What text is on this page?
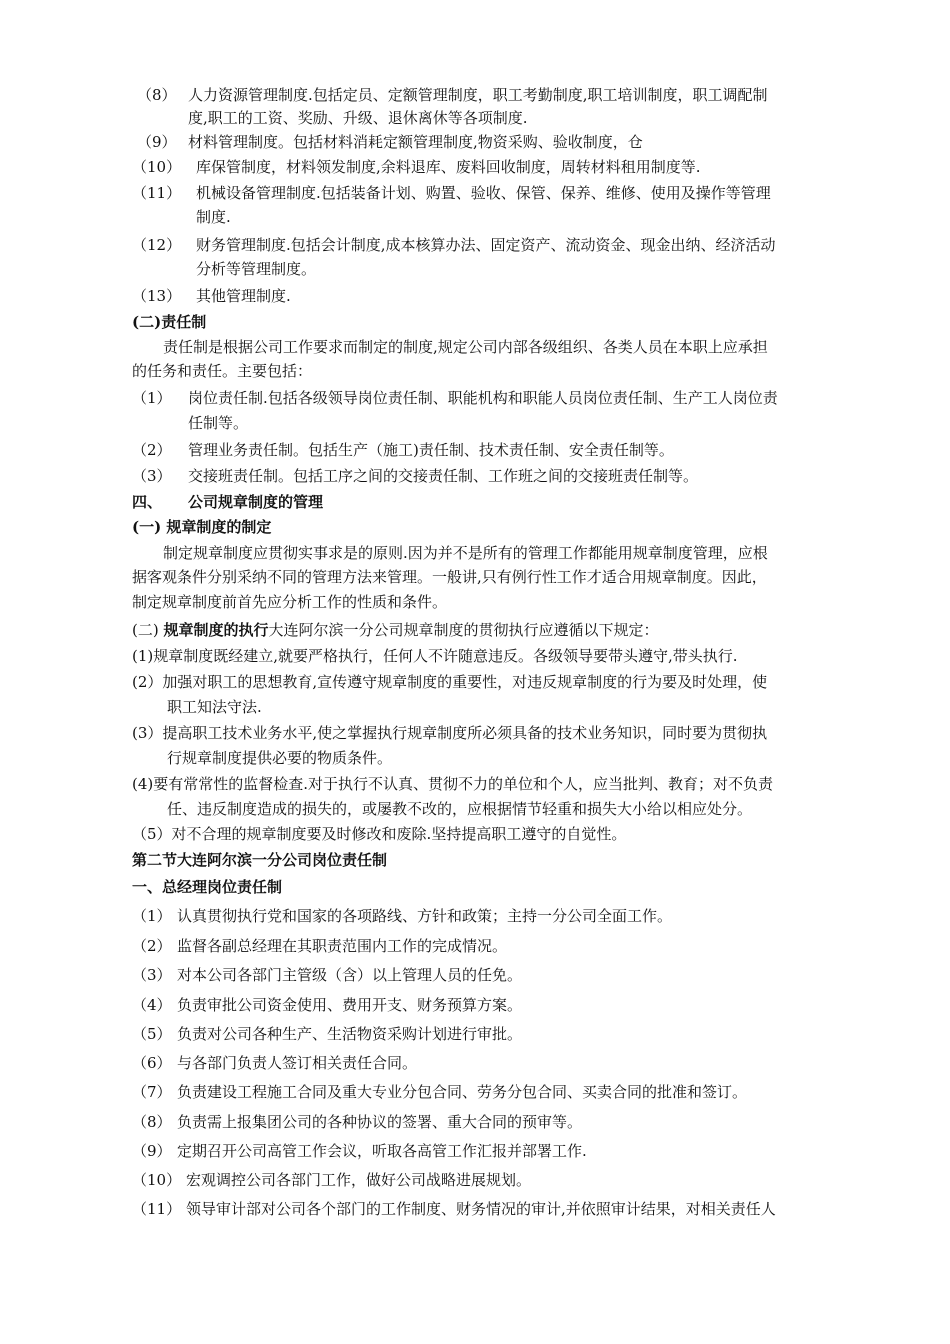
（8） 人力资源管理制度.包括定员、定额管理制度，职工考勤制度,职工培训制度，职工调配制
度,职工的工资、奖励、升级、退休离休等各项制度.
（9） 材料管理制度。包括材料消耗定额管理制度,物资采购、验收制度，仓
（10） 库保管制度，材料领发制度,余料退库、废料回收制度，周转材料租用制度等.
（11） 机械设备管理制度.包括装备计划、购置、验收、保管、保养、维修、使用及操作等管理
制度.
（12） 财务管理制度.包括会计制度,成本核算办法、固定资产、流动资金、现金出纳、经济活动
分析等管理制度。
（13） 其他管理制度.
(二)责任制
责任制是根据公司工作要求而制定的制度,规定公司内部各级组织、各类人员在本职上应承担
的任务和责任。主要包括：
（1） 岗位责任制.包括各级领导岗位责任制、职能机构和职能人员岗位责任制、生产工人岗位责
任制等。
（2） 管理业务责任制。包括生产（施工)责任制、技术责任制、安全责任制等。
（3） 交接班责任制。包括工序之间的交接责任制、工作班之间的交接班责任制等。
四、 公司规章制度的管理
(一) 规章制度的制定
制定规章制度应贯彻实事求是的原则.因为并不是所有的管理工作都能用规章制度管理，应根
据客观条件分别采纳不同的管理方法来管理。一般讲,只有例行性工作才适合用规章制度。因此，
制定规章制度前首先应分析工作的性质和条件。
(二) 规章制度的执行大连阿尔滨一分公司规章制度的贯彻执行应遵循以下规定：
(1)规章制度既经建立,就要严格执行，任何人不许随意违反。各级领导要带头遵守,带头执行.
(2）加强对职工的思想教育,宣传遵守规章制度的重要性，对违反规章制度的行为要及时处理，使
职工知法守法.
(3）提高职工技术业务水平,使之掌握执行规章制度所必须具备的技术业务知识，同时要为贯彻执
行规章制度提供必要的物质条件。
(4)要有常常性的监督检查.对于执行不认真、贯彻不力的单位和个人，应当批判、教育；对不负责
任、违反制度造成的损失的，或屡教不改的，应根据情节轻重和损失大小给以相应处分。
（5）对不合理的规章制度要及时修改和废除.坚持提高职工遵守的自觉性。
第二节大连阿尔滨一分公司岗位责任制
一、总经理岗位责任制
（1） 认真贯彻执行党和国家的各项路线、方针和政策；主持一分公司全面工作。
（2） 监督各副总经理在其职责范围内工作的完成情况。
（3） 对本公司各部门主管级（含）以上管理人员的任免。
（4） 负责审批公司资金使用、费用开支、财务预算方案。
（5） 负责对公司各种生产、生活物资采购计划进行审批。
（6） 与各部门负责人签订相关责任合同。
（7） 负责建设工程施工合同及重大专业分包合同、劳务分包合同、买卖合同的批准和签订。
（8） 负责需上报集团公司的各种协议的签署、重大合同的预审等。
（9） 定期召开公司高管工作会议，听取各高管工作汇报并部署工作.
（10） 宏观调控公司各部门工作，做好公司战略进展规划。
（11） 领导审计部对公司各个部门的工作制度、财务情况的审计,并依照审计结果，对相关责任人
